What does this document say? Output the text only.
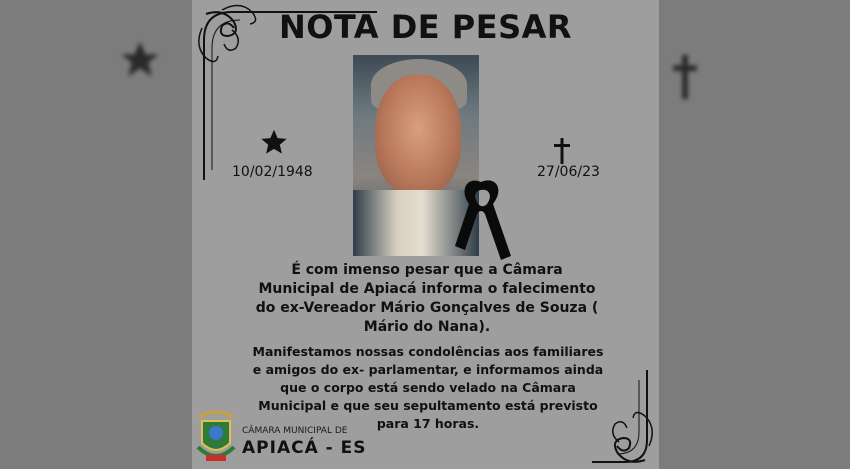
NOTA DE PESAR
10/02/1948	27/06/23
É com imenso pesar que a Câmara Municipal de Apiacá informa o falecimento do ex-Vereador Mário Gonçalves de Souza ( Mário do Nana).
Manifestamos nossas condolências aos familiares e amigos do ex- parlamentar, e informamos ainda que o corpo está sendo velado na Câmara Municipal e que seu sepultamento está previsto para 17 horas.
CÂMARA MUNICIPAL DE
APIACÁ - ES
